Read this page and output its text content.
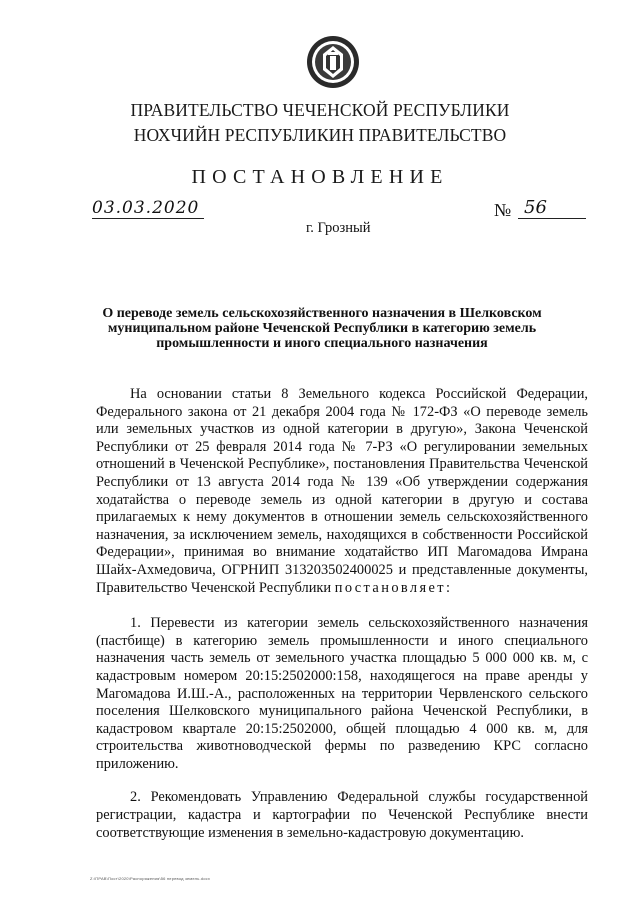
ПРАВИТЕЛЬСТВО ЧЕЧЕНСКОЙ РЕСПУБЛИКИ
НОХЧИЙН РЕСПУБЛИКИН ПРАВИТЕЛЬСТВО
ПОСТАНОВЛЕНИЕ
03.03.2020	№ 56
г. Грозный
О переводе земель сельскохозяйственного назначения в Шелковском муниципальном районе Чеченской Республики в категорию земель промышленности и иного специального назначения

На основании статьи 8 Земельного кодекса Российской Федерации, Федерального закона от 21 декабря 2004 года № 172-ФЗ «О переводе земель или земельных участков из одной категории в другую», Закона Чеченской Республики от 25 февраля 2014 года № 7-РЗ «О регулировании земельных отношений в Чеченской Республике», постановления Правительства Чеченской Республики от 13 августа 2014 года № 139 «Об утверждении содержания ходатайства о переводе земель из одной категории в другую и состава прилагаемых к нему документов в отношении земель сельскохозяйственного назначения, за исключением земель, находящихся в собственности Российской Федерации», принимая во внимание ходатайство ИП Магомадова Имрана Шайх-Ахмедовича, ОГРНИП 313203502400025 и представленные документы, Правительство Чеченской Республики постановляет:

1. Перевести из категории земель сельскохозяйственного назначения (пастбище) в категорию земель промышленности и иного специального назначения часть земель от земельного участка площадью 5 000 000 кв. м, с кадастровым номером 20:15:2502000:158, находящегося на праве аренды у Магомадова И.Ш.-А., расположенных на территории Червленского сельского поселения Шелковского муниципального района Чеченской Республики, в кадастровом квартале 20:15:2502000, общей площадью 4 000 кв. м, для строительства животноводческой фермы по разведению КРС согласно приложению.

2. Рекомендовать Управлению Федеральной службы государственной регистрации, кадастра и картографии по Чеченской Республике внести соответствующие изменения в земельно-кадастровую документацию.

Z:\ПРАВ\Пост\2020\Распоряжения\56 перевод земель.docx
